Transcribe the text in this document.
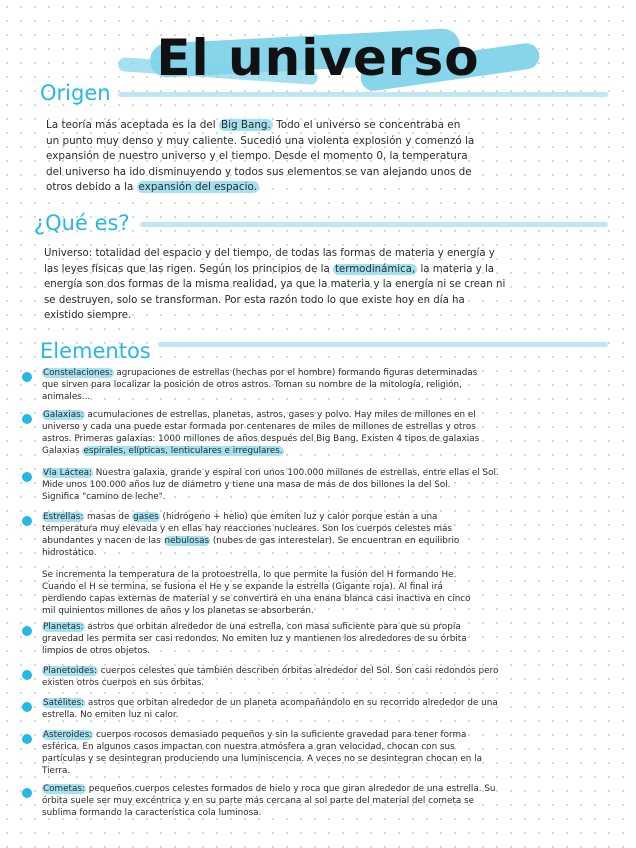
El universo
Origen
La teoría más aceptada es la del Big Bang. Todo el universo se concentraba en
un punto muy denso y muy caliente. Sucedió una violenta explosión y comenzó la
expansión de nuestro universo y el tiempo. Desde el momento 0, la temperatura
del universo ha ido disminuyendo y todos sus elementos se van alejando unos de
otros debido a la expansión del espacio.
¿Qué es?
Universo: totalidad del espacio y del tiempo, de todas las formas de materia y energía y
las leyes físicas que las rigen. Según los principios de la termodinámica, la materia y la
energía son dos formas de la misma realidad, ya que la materia y la energía ni se crean ni
se destruyen, solo se transforman. Por esta razón todo lo que existe hoy en día ha
existido siempre.
Elementos
Constelaciones: agrupaciones de estrellas (hechas por el hombre) formando figuras determinadas
que sirven para localizar la posición de otros astros. Toman su nombre de la mitología, religión,
animales...
Galaxias: acumulaciones de estrellas, planetas, astros, gases y polvo. Hay miles de millones en el
universo y cada una puede estar formada por centenares de miles de millones de estrellas y otros
astros. Primeras galaxias: 1000 millones de años después del Big Bang. Existen 4 tipos de galaxias
Galaxias espirales, elípticas, lenticulares e irregulares.
Vía Láctea: Nuestra galaxia, grande y espiral con unos 100.000 millones de estrellas, entre ellas el Sol.
Mide unos 100.000 años luz de diámetro y tiene una masa de más de dos billones la del Sol.
Significa "camino de leche".
Estrellas: masas de gases (hidrógeno + helio) que emiten luz y calor porque están a una
temperatura muy elevada y en ellas hay reacciones nucleares. Son los cuerpos celestes más
abundantes y nacen de las nebulosas (nubes de gas interestelar). Se encuentran en equilibrio
hidrostático.
Se incrementa la temperatura de la protoestrella, lo que permite la fusión del H formando He.
Cuando el H se termina, se fusiona el He y se expande la estrella (Gigante roja). Al final irá
perdiendo capas externas de material y se convertirá en una enana blanca casi inactiva en cinco
mil quinientos millones de años y los planetas se absorberán.
Planetas: astros que orbitan alrededor de una estrella, con masa suficiente para que su propia
gravedad les permita ser casi redondos. No emiten luz y mantienen los alrededores de su órbita
limpios de otros objetos.
Planetoides: cuerpos celestes que también describen órbitas alrededor del Sol. Son casi redondos pero
existen otros cuerpos en sus órbitas.
Satélites: astros que orbitan alrededor de un planeta acompañándolo en su recorrido alrededor de una
estrella. No emiten luz ni calor.
Asteroides: cuerpos rocosos demasiado pequeños y sin la suficiente gravedad para tener forma
esférica. En algunos casos impactan con nuestra atmósfera a gran velocidad, chocan con sus
partículas y se desintegran produciendo una luminiscencia. A veces no se desintegran chocan en la
Tierra.
Cometas: pequeños cuerpos celestes formados de hielo y roca que giran alrededor de una estrella. Su
órbita suele ser muy excéntrica y en su parte más cercana al sol parte del material del cometa se
sublima formando la característica cola luminosa.
